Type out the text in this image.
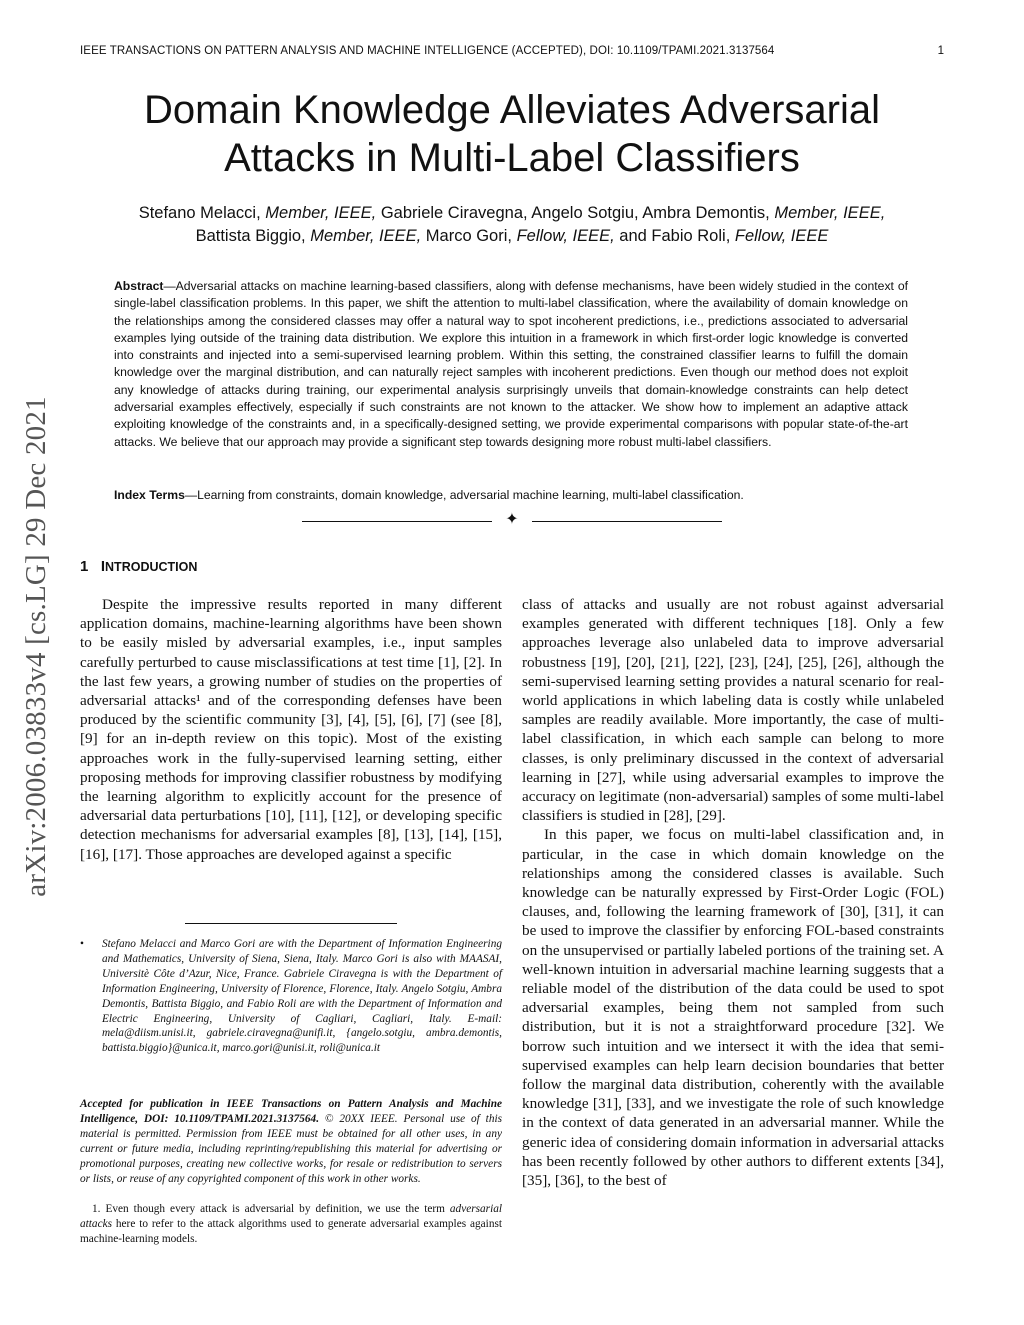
IEEE TRANSACTIONS ON PATTERN ANALYSIS AND MACHINE INTELLIGENCE (ACCEPTED), DOI: 10.1109/TPAMI.2021.3137564	1
Domain Knowledge Alleviates Adversarial
Attacks in Multi-Label Classifiers
Stefano Melacci, Member, IEEE, Gabriele Ciravegna, Angelo Sotgiu, Ambra Demontis, Member, IEEE,
Battista Biggio, Member, IEEE, Marco Gori, Fellow, IEEE, and Fabio Roli, Fellow, IEEE
Abstract—Adversarial attacks on machine learning-based classifiers, along with defense mechanisms, have been widely studied in the context of single-label classification problems. In this paper, we shift the attention to multi-label classification, where the availability of domain knowledge on the relationships among the considered classes may offer a natural way to spot incoherent predictions, i.e., predictions associated to adversarial examples lying outside of the training data distribution. We explore this intuition in a framework in which first-order logic knowledge is converted into constraints and injected into a semi-supervised learning problem. Within this setting, the constrained classifier learns to fulfill the domain knowledge over the marginal distribution, and can naturally reject samples with incoherent predictions. Even though our method does not exploit any knowledge of attacks during training, our experimental analysis surprisingly unveils that domain-knowledge constraints can help detect adversarial examples effectively, especially if such constraints are not known to the attacker. We show how to implement an adaptive attack exploiting knowledge of the constraints and, in a specifically-designed setting, we provide experimental comparisons with popular state-of-the-art attacks. We believe that our approach may provide a significant step towards designing more robust multi-label classifiers.
Index Terms—Learning from constraints, domain knowledge, adversarial machine learning, multi-label classification.
✦
arXiv:2006.03833v4 [cs.LG] 29 Dec 2021 1 INTRODUCTION

Despite the impressive results reported in many different application domains, machine-learning algorithms have been shown to be easily misled by adversarial examples, i.e., input samples carefully perturbed to cause misclassifications at test time [1], [2]. In the last few years, a growing number of studies on the properties of adversarial attacks¹ and of the corresponding defenses have been produced by the scientific community [3], [4], [5], [6], [7] (see [8], [9] for an in-depth review on this topic). Most of the existing approaches work in the fully-supervised learning setting, either proposing methods for improving classifier robustness by modifying the learning algorithm to explicitly account for the presence of adversarial data perturbations [10], [11], [12], or developing specific detection mechanisms for adversarial examples [8], [13], [14], [15], [16], [17]. Those approaches are developed against a specific

class of attacks and usually are not robust against adversarial examples generated with different techniques [18]. Only a few approaches leverage also unlabeled data to improve adversarial robustness [19], [20], [21], [22], [23], [24], [25], [26], although the semi-supervised learning setting provides a natural scenario for real-world applications in which labeling data is costly while unlabeled samples are readily available. More importantly, the case of multi-label classification, in which each sample can belong to more classes, is only preliminary discussed in the context of adversarial learning in [27], while using adversarial examples to improve the accuracy on legitimate (non-adversarial) samples of some multi-label classifiers is studied in [28], [29].

In this paper, we focus on multi-label classification and, in particular, in the case in which domain knowledge on the relationships among the considered classes is available. Such knowledge can be naturally expressed by First-Order Logic (FOL) clauses, and, following the learning framework of [30], [31], it can be used to improve the classifier by enforcing FOL-based constraints on the unsupervised or partially labeled portions of the training set. A well-known intuition in adversarial machine learning suggests that a reliable model of the distribution of the data could be used to spot adversarial examples, being them not sampled from such distribution, but it is not a straightforward procedure [32]. We borrow such intuition and we intersect it with the idea that semi-supervised examples can help learn decision boundaries that better follow the marginal data distribution, coherently with the available knowledge [31], [33], and we investigate the role of such knowledge in the context of data generated in an adversarial manner. While the generic idea of considering domain information in adversarial attacks has been recently followed by other authors to different extents [34], [35], [36], to the best of

• Stefano Melacci and Marco Gori are with the Department of Information Engineering and Mathematics, University of Siena, Siena, Italy. Marco Gori is also with MAASAI, Universitè Côte d’Azur, Nice, France. Gabriele Ciravegna is with the Department of Information Engineering, University of Florence, Florence, Italy. Angelo Sotgiu, Ambra Demontis, Battista Biggio, and Fabio Roli are with the Department of Information and Electric Engineering, University of Cagliari, Cagliari, Italy. E-mail: mela@diism.unisi.it, gabriele.ciravegna@unifi.it, {angelo.sotgiu, ambra.demontis, battista.biggio}@unica.it, marco.gori@unisi.it, roli@unica.it
Accepted for publication in IEEE Transactions on Pattern Analysis and Machine Intelligence, DOI: 10.1109/TPAMI.2021.3137564. © 20XX IEEE. Personal use of this material is permitted. Permission from IEEE must be obtained for all other uses, in any current or future media, including reprinting/republishing this material for advertising or promotional purposes, creating new collective works, for resale or redistribution to servers or lists, or reuse of any copyrighted component of this work in other works.
1. Even though every attack is adversarial by definition, we use the term adversarial attacks here to refer to the attack algorithms used to generate adversarial examples against machine-learning models.
